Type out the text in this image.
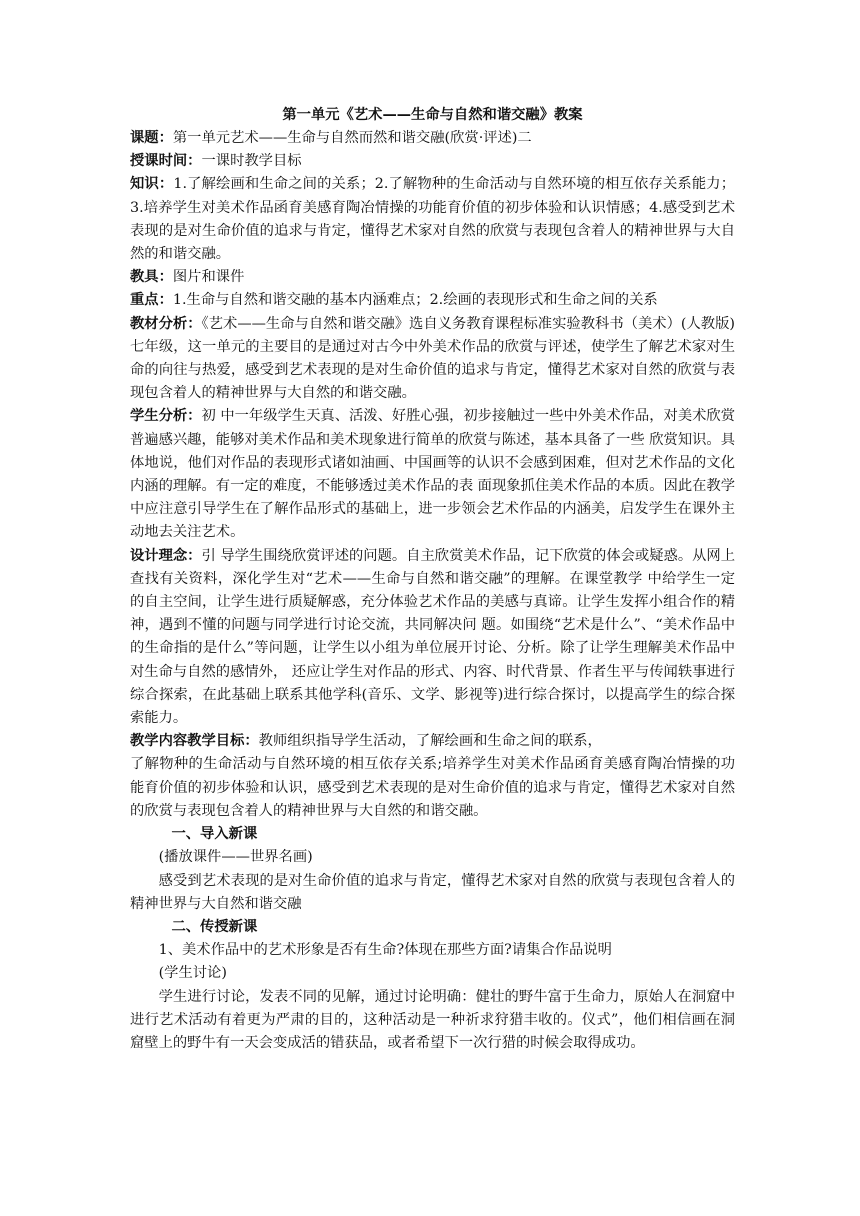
第一单元《艺术——生命与自然和谐交融》教案

课题：第一单元艺术——生命与自然而然和谐交融(欣赏·评述)二

授课时间：一课时教学目标

知识：1.了解绘画和生命之间的关系；2.了解物种的生命活动与自然环境的相互依存关系能力；3.培养学生对美术作品函育美感育陶冶情操的功能育价值的初步体验和认识情感；4.感受到艺术表现的是对生命价值的追求与肯定，懂得艺术家对自然的欣赏与表现包含着人的精神世界与大自然的和谐交融。

教具：图片和课件

重点：1.生命与自然和谐交融的基本内涵难点；2.绘画的表现形式和生命之间的关系

教材分析：《艺术——生命与自然和谐交融》选自义务教育课程标准实验教科书（美术）(人教版)七年级，这一单元的主要目的是通过对古今中外美术作品的欣赏与评述，使学生了解艺术家对生命的向往与热爱，感受到艺术表现的是对生命价值的追求与肯定，懂得艺术家对自然的欣赏与表现包含着人的精神世界与大自然的和谐交融。

学生分析：初 中一年级学生天真、活泼、好胜心强，初步接触过一些中外美术作品，对美术欣赏普遍感兴趣，能够对美术作品和美术现象进行简单的欣赏与陈述，基本具备了一些 欣赏知识。具体地说，他们对作品的表现形式诸如油画、中国画等的认识不会感到困难，但对艺术作品的文化内涵的理解。有一定的难度，不能够透过美术作品的表 面现象抓住美术作品的本质。因此在教学中应注意引导学生在了解作品形式的基础上，进一步领会艺术作品的内涵美，启发学生在课外主动地去关注艺术。

设计理念：引 导学生围绕欣赏评述的问题。自主欣赏美术作品，记下欣赏的体会或疑惑。从网上查找有关资料，深化学生对“艺术——生命与自然和谐交融”的理解。在课堂教学 中给学生一定的自主空间，让学生进行质疑解惑，充分体验艺术作品的美感与真谛。让学生发挥小组合作的精神，遇到不懂的问题与同学进行讨论交流，共同解决问 题。如围绕“艺术是什么”、“美术作品中的生命指的是什么”等问题，让学生以小组为单位展开讨论、分析。除了让学生理解美术作品中对生命与自然的感情外， 还应让学生对作品的形式、内容、时代背景、作者生平与传闻轶事进行综合探索，在此基础上联系其他学科(音乐、文学、影视等)进行综合探讨，以提高学生的综合探索能力。

教学内容教学目标：教师组织指导学生活动，了解绘画和生命之间的联系，

了解物种的生命活动与自然环境的相互依存关系;培养学生对美术作品函育美感育陶冶情操的功能育价值的初步体验和认识，感受到艺术表现的是对生命价值的追求与肯定，懂得艺术家对自然的欣赏与表现包含着人的精神世界与大自然的和谐交融。

一、导入新课

(播放课件——世界名画)

感受到艺术表现的是对生命价值的追求与肯定，懂得艺术家对自然的欣赏与表现包含着人的精神世界与大自然和谐交融

二、传授新课

1、美术作品中的艺术形象是否有生命?体现在那些方面?请集合作品说明

(学生讨论)

学生进行讨论，发表不同的见解，通过讨论明确：健壮的野牛富于生命力，原始人在洞窟中进行艺术活动有着更为严肃的目的，这种活动是一种祈求狩猎丰收的。仪式”，他们相信画在洞窟壁上的野牛有一天会变成活的错获品，或者希望下一次行猎的时候会取得成功。
